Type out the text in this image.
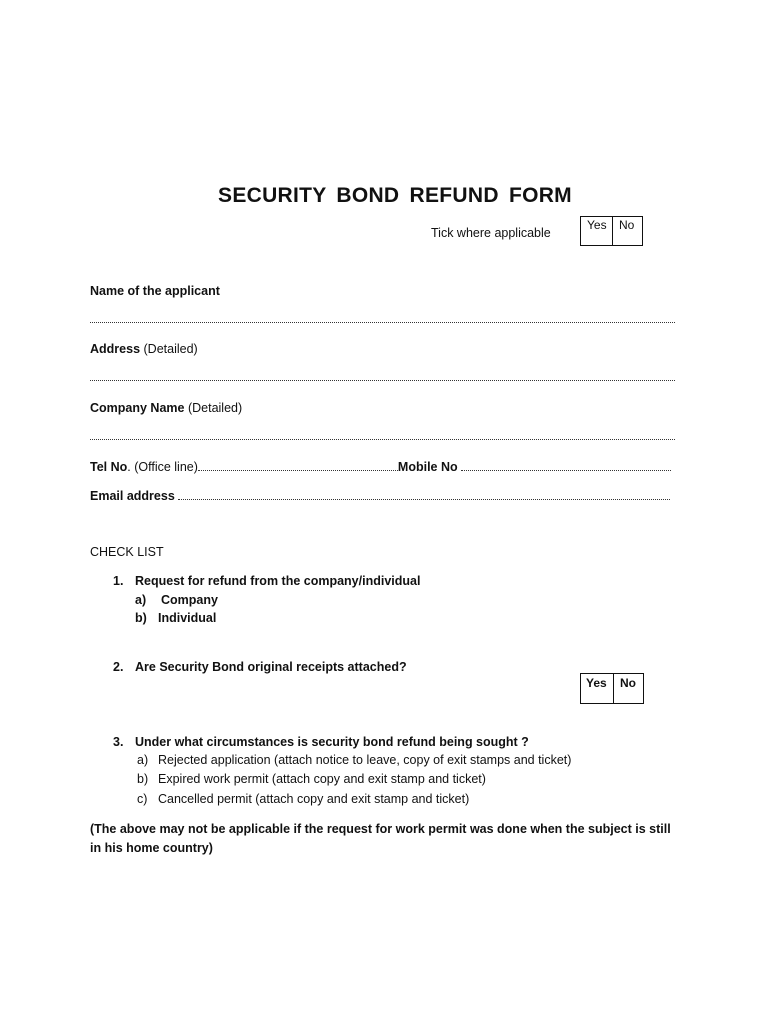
SECURITY BOND REFUND FORM
Tick where applicable
Yes	No
Name of the applicant
Address (Detailed)
Company Name (Detailed)
Tel No. (Office line)	Mobile No
Email address
CHECK LIST
1. Request for refund from the company/individual
a) Company
b) Individual
2. Are Security Bond original receipts attached?
Yes	No
3. Under what circumstances is security bond refund being sought ?
a) Rejected application (attach notice to leave, copy of exit stamps and ticket)
b) Expired work permit (attach copy and exit stamp and ticket)
c) Cancelled permit (attach copy and exit stamp and ticket)
(The above may not be applicable if the request for work permit was done when the subject is still in his home country)
